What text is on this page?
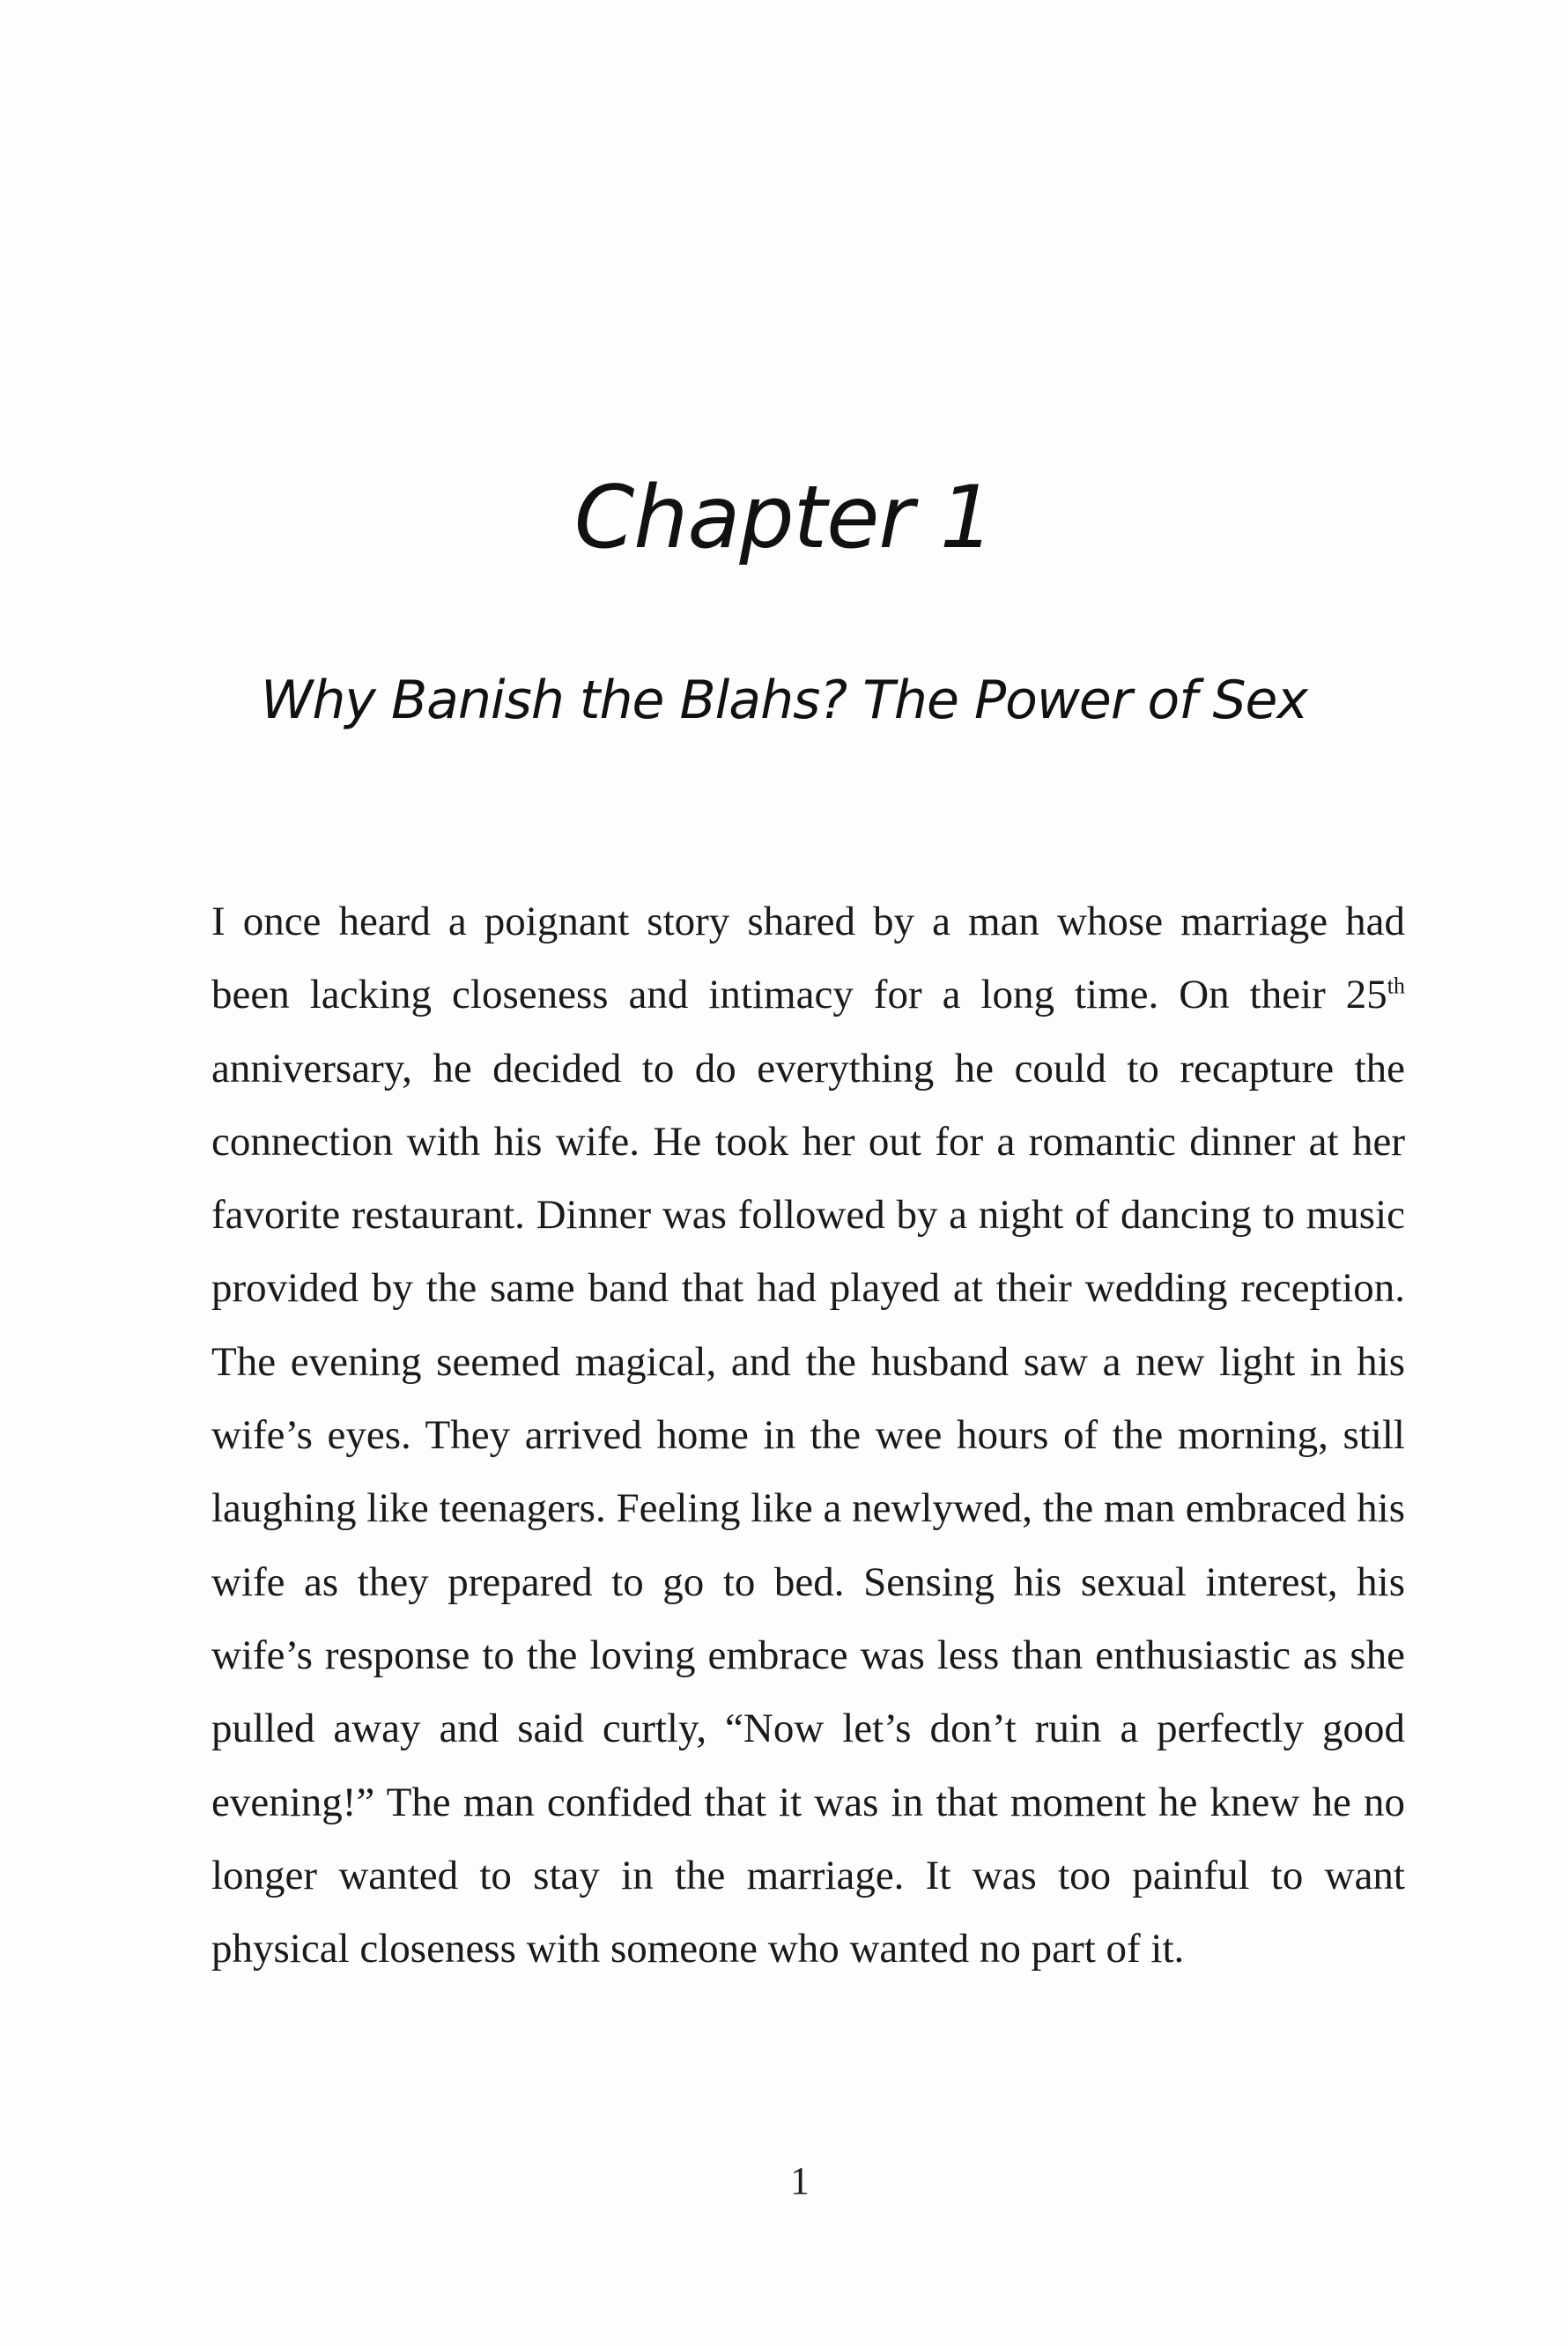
Chapter 1
Why Banish the Blahs? The Power of Sex

I once heard a poignant story shared by a man whose marriage had been lacking closeness and intimacy for a long time. On their 25th anniversary, he decided to do everything he could to recapture the connection with his wife. He took her out for a romantic dinner at her favorite restaurant. Dinner was followed by a night of dancing to music provided by the same band that had played at their wedding reception. The evening seemed magical, and the husband saw a new light in his wife’s eyes. They arrived home in the wee hours of the morning, still laughing like teenagers. Feeling like a newlywed, the man embraced his wife as they prepared to go to bed. Sensing his sexual interest, his wife’s response to the loving embrace was less than enthusiastic as she pulled away and said curtly, “Now let’s don’t ruin a perfectly good evening!” The man confided that it was in that moment he knew he no longer wanted to stay in the marriage. It was too painful to want physical closeness with someone who wanted no part of it.

1
